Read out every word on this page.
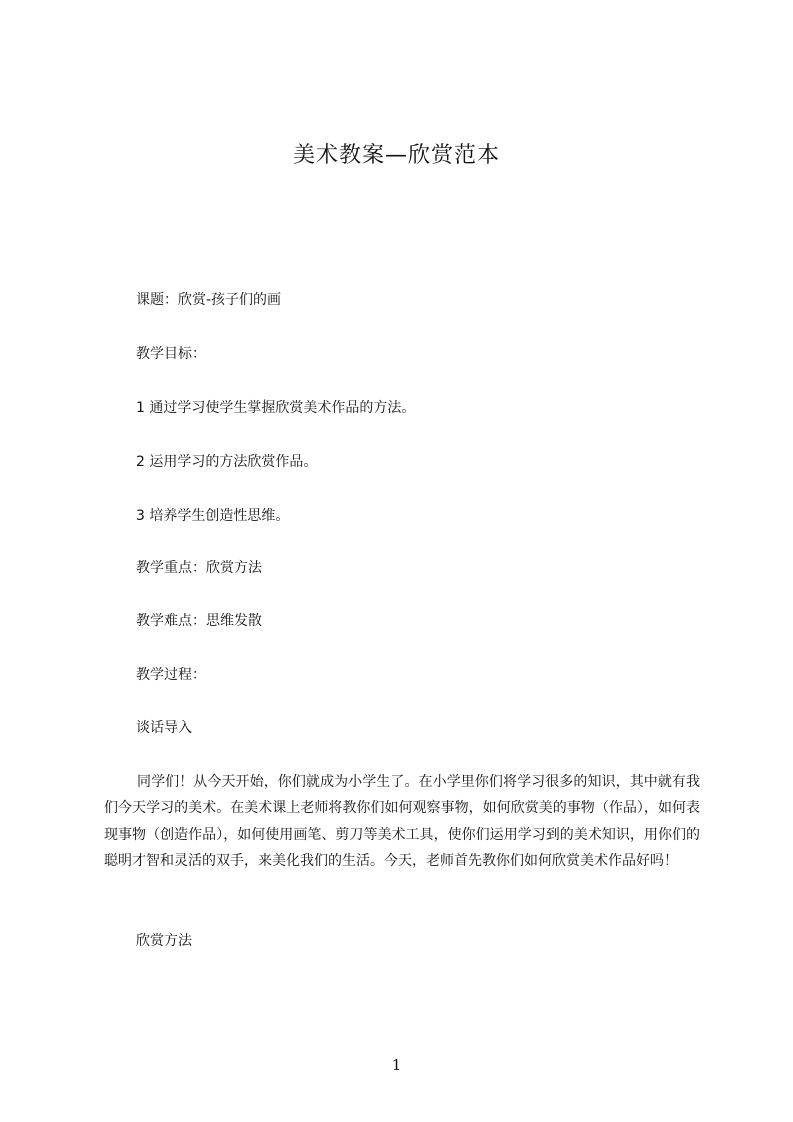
美术教案—欣赏范本
课题：欣赏-孩子们的画
教学目标：
1 通过学习使学生掌握欣赏美术作品的方法。
2 运用学习的方法欣赏作品。
3 培养学生创造性思维。
教学重点：欣赏方法
教学难点：思维发散
教学过程：
谈话导入
同学们！从今天开始，你们就成为小学生了。在小学里你们将学习很多的知识，其中就有我们今天学习的美术。在美术课上老师将教你们如何观察事物，如何欣赏美的事物（作品），如何表现事物（创造作品），如何使用画笔、剪刀等美术工具，使你们运用学习到的美术知识，用你们的聪明才智和灵活的双手，来美化我们的生活。今天，老师首先教你们如何欣赏美术作品好吗！
欣赏方法
1
